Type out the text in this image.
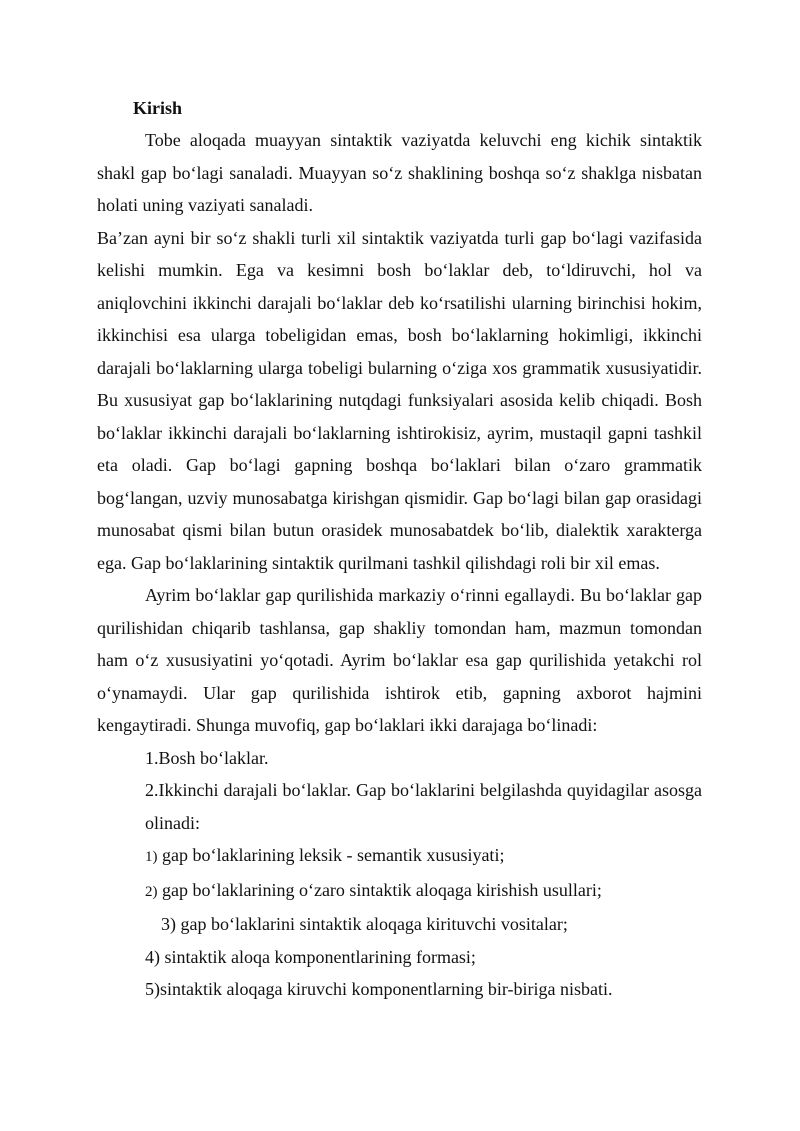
Kirish

Tobe aloqada muayyan sintaktik vaziyatda keluvchi eng kichik sintaktik shakl gap bo‘lagi sanaladi. Muayyan so‘z shaklining boshqa so‘z shaklga nisbatan holati uning vaziyati sanaladi.

Ba’zan ayni bir so‘z shakli turli xil sintaktik vaziyatda turli gap bo‘lagi vazifasida kelishi mumkin. Ega va kesimni bosh bo‘laklar deb, to‘ldiruvchi, hol va aniqlovchini ikkinchi darajali bo‘laklar deb ko‘rsatilishi ularning birinchisi hokim, ikkinchisi esa ularga tobeligidan emas, bosh bo‘laklarning hokimligi, ikkinchi darajali bo‘laklarning ularga tobeligi bularning o‘ziga xos grammatik xususiyatidir. Bu xususiyat gap bo‘laklarining nutqdagi funksiyalari asosida kelib chiqadi. Bosh bo‘laklar ikkinchi darajali bo‘laklarning ishtirokisiz, ayrim, mustaqil gapni tashkil eta oladi. Gap bo‘lagi gapning boshqa bo‘laklari bilan o‘zaro grammatik bog‘langan, uzviy munosabatga kirishgan qismidir. Gap bo‘lagi bilan gap orasidagi munosabat qismi bilan butun orasidek munosabatdek bo‘lib, dialektik xarakterga ega. Gap bo‘laklarining sintaktik qurilmani tashkil qilishdagi roli bir xil emas.

Ayrim bo‘laklar gap qurilishida markaziy o‘rinni egallaydi. Bu bo‘laklar gap qurilishidan chiqarib tashlansa, gap shakliy tomondan ham, mazmun tomondan ham o‘z xususiyatini yo‘qotadi. Ayrim bo‘laklar esa gap qurilishida yetakchi rol o‘ynamaydi. Ular gap qurilishida ishtirok etib, gapning axborot hajmini kengaytiradi. Shunga muvofiq, gap bo‘laklari ikki darajaga bo‘linadi:

1.Bosh bo‘laklar.
2.Ikkinchi darajali bo‘laklar. Gap bo‘laklarini belgilashda quyidagilar asosga olinadi:
1) gap bo‘laklarining leksik - semantik xususiyati;
2) gap bo‘laklarining o‘zaro sintaktik aloqaga kirishish usullari;
3) gap bo‘laklarini sintaktik aloqaga kirituvchi vositalar;
4) sintaktik aloqa komponentlarining formasi;
5)sintaktik aloqaga kiruvchi komponentlarning bir-biriga nisbati.
